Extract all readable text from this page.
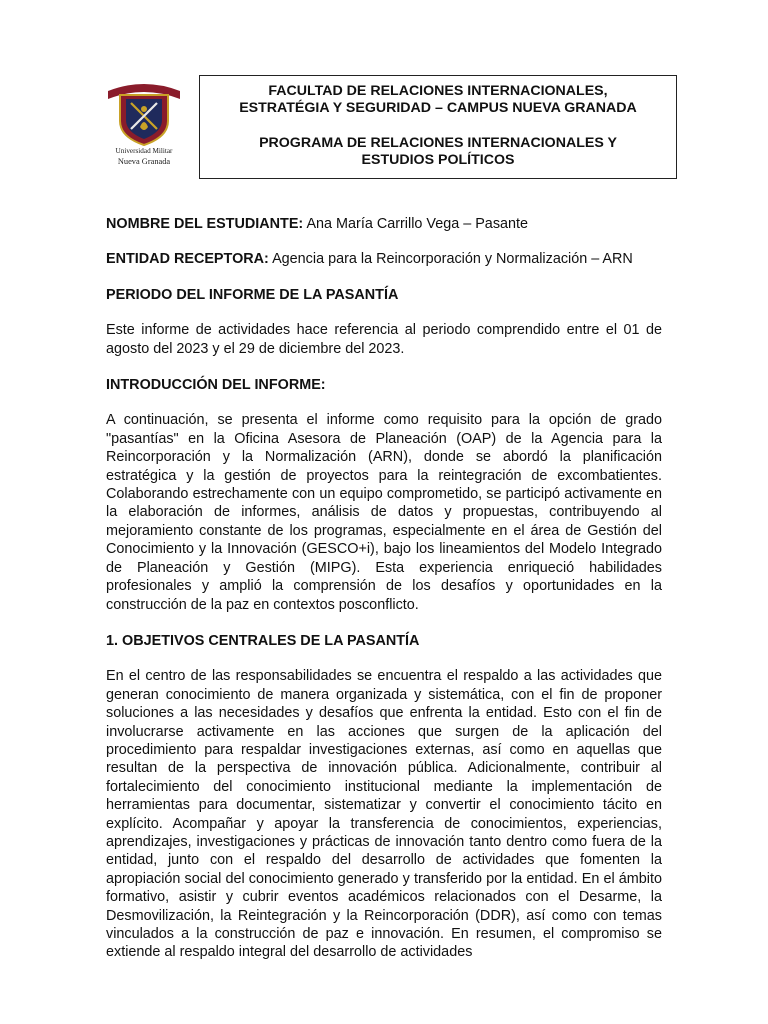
PATRIA · CIENCIA · BIEN
Universidad Militar
Nueva Granada
FACULTAD DE RELACIONES INTERNACIONALES,
ESTRATÉGIA Y SEGURIDAD – CAMPUS NUEVA GRANADA
PROGRAMA DE RELACIONES INTERNACIONALES Y
ESTUDIOS POLÍTICOS
NOMBRE DEL ESTUDIANTE: Ana María Carrillo Vega – Pasante
ENTIDAD RECEPTORA: Agencia para la Reincorporación y Normalización – ARN
PERIODO DEL INFORME DE LA PASANTÍA

Este informe de actividades hace referencia al periodo comprendido entre el 01 de agosto del 2023 y el 29 de diciembre del 2023.

INTRODUCCIÓN DEL INFORME:

A continuación, se presenta el informe como requisito para la opción de grado "pasantías" en la Oficina Asesora de Planeación (OAP) de la Agencia para la Reincorporación y la Normalización (ARN), donde se abordó la planificación estratégica y la gestión de proyectos para la reintegración de excombatientes. Colaborando estrechamente con un equipo comprometido, se participó activamente en la elaboración de informes, análisis de datos y propuestas, contribuyendo al mejoramiento constante de los programas, especialmente en el área de Gestión del Conocimiento y la Innovación (GESCO+i), bajo los lineamientos del Modelo Integrado de Planeación y Gestión (MIPG). Esta experiencia enriqueció habilidades profesionales y amplió la comprensión de los desafíos y oportunidades en la construcción de la paz en contextos posconflicto.

1. OBJETIVOS CENTRALES DE LA PASANTÍA

En el centro de las responsabilidades se encuentra el respaldo a las actividades que generan conocimiento de manera organizada y sistemática, con el fin de proponer soluciones a las necesidades y desafíos que enfrenta la entidad. Esto con el fin de involucrarse activamente en las acciones que surgen de la aplicación del procedimiento para respaldar investigaciones externas, así como en aquellas que resultan de la perspectiva de innovación pública. Adicionalmente, contribuir al fortalecimiento del conocimiento institucional mediante la implementación de herramientas para documentar, sistematizar y convertir el conocimiento tácito en explícito. Acompañar y apoyar la transferencia de conocimientos, experiencias, aprendizajes, investigaciones y prácticas de innovación tanto dentro como fuera de la entidad, junto con el respaldo del desarrollo de actividades que fomenten la apropiación social del conocimiento generado y transferido por la entidad. En el ámbito formativo, asistir y cubrir eventos académicos relacionados con el Desarme, la Desmovilización, la Reintegración y la Reincorporación (DDR), así como con temas vinculados a la construcción de paz e innovación. En resumen, el compromiso se extiende al respaldo integral del desarrollo de actividades
